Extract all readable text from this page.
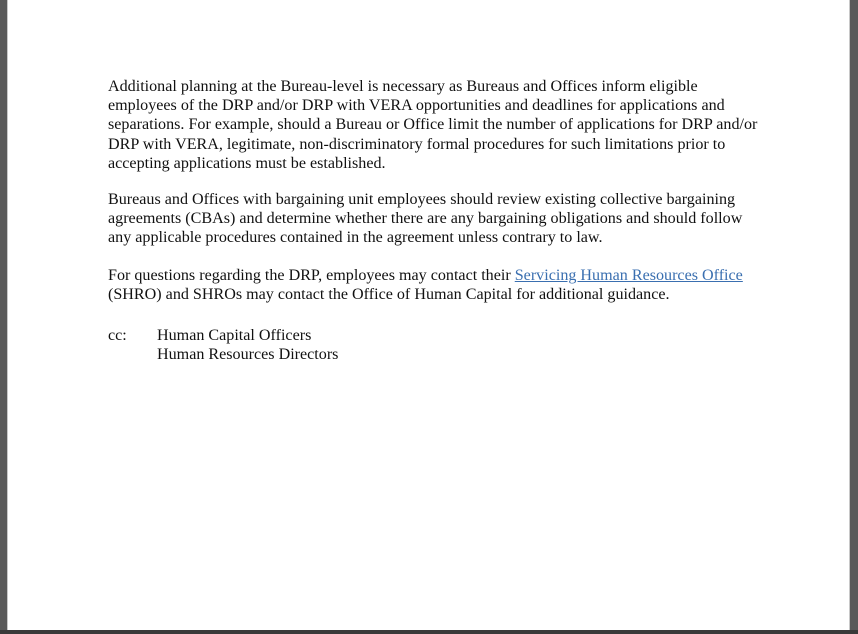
Additional planning at the Bureau-level is necessary as Bureaus and Offices inform eligible employees of the DRP and/or DRP with VERA opportunities and deadlines for applications and separations. For example, should a Bureau or Office limit the number of applications for DRP and/or DRP with VERA, legitimate, non-discriminatory formal procedures for such limitations prior to accepting applications must be established.

Bureaus and Offices with bargaining unit employees should review existing collective bargaining agreements (CBAs) and determine whether there are any bargaining obligations and should follow any applicable procedures contained in the agreement unless contrary to law.

For questions regarding the DRP, employees may contact their Servicing Human Resources Office (SHRO) and SHROs may contact the Office of Human Capital for additional guidance.

cc:	Human Capital Officers
Human Resources Directors
